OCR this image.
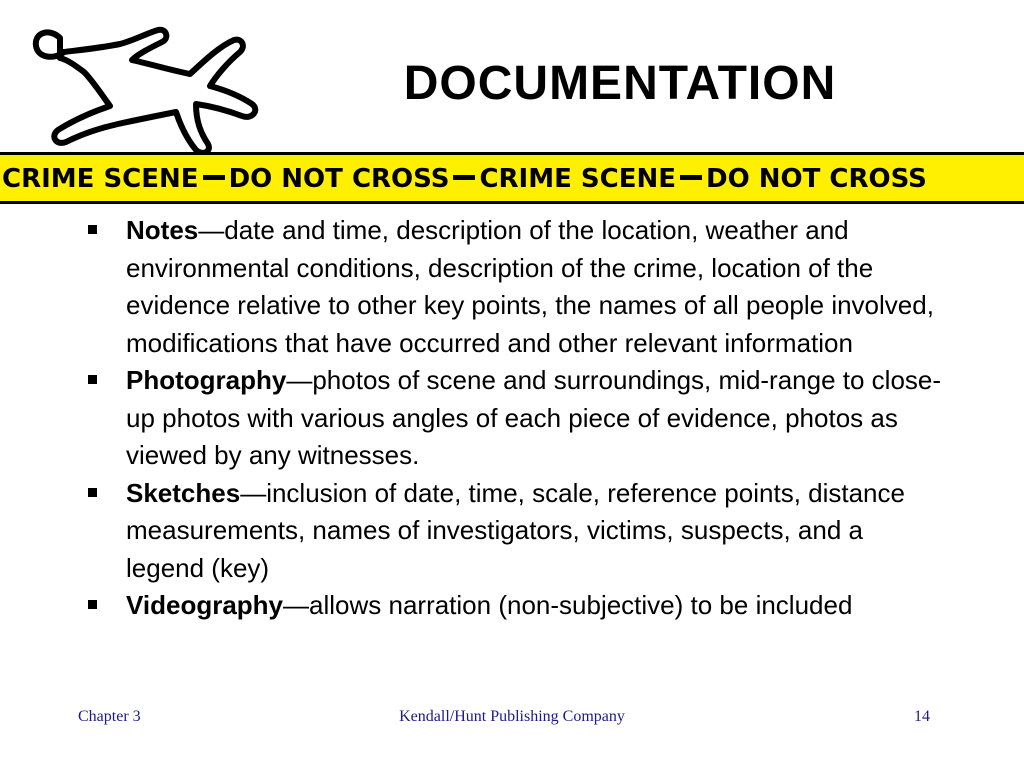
DOCUMENTATION
CRIME SCENE DO NOT CROSS CRIME SCENE DO NOT CROSS
Notes—date and time, description of the location, weather and environmental conditions, description of the crime, location of the evidence relative to other key points, the names of all people involved, modifications that have occurred and other relevant information
Photography—photos of scene and surroundings, mid-range to close-up photos with various angles of each piece of evidence, photos as viewed by any witnesses.
Sketches—inclusion of date, time, scale, reference points, distance measurements, names of investigators, victims, suspects, and a legend (key)
Videography—allows narration (non-subjective) to be included
Chapter 3	Kendall/Hunt Publishing Company	14
